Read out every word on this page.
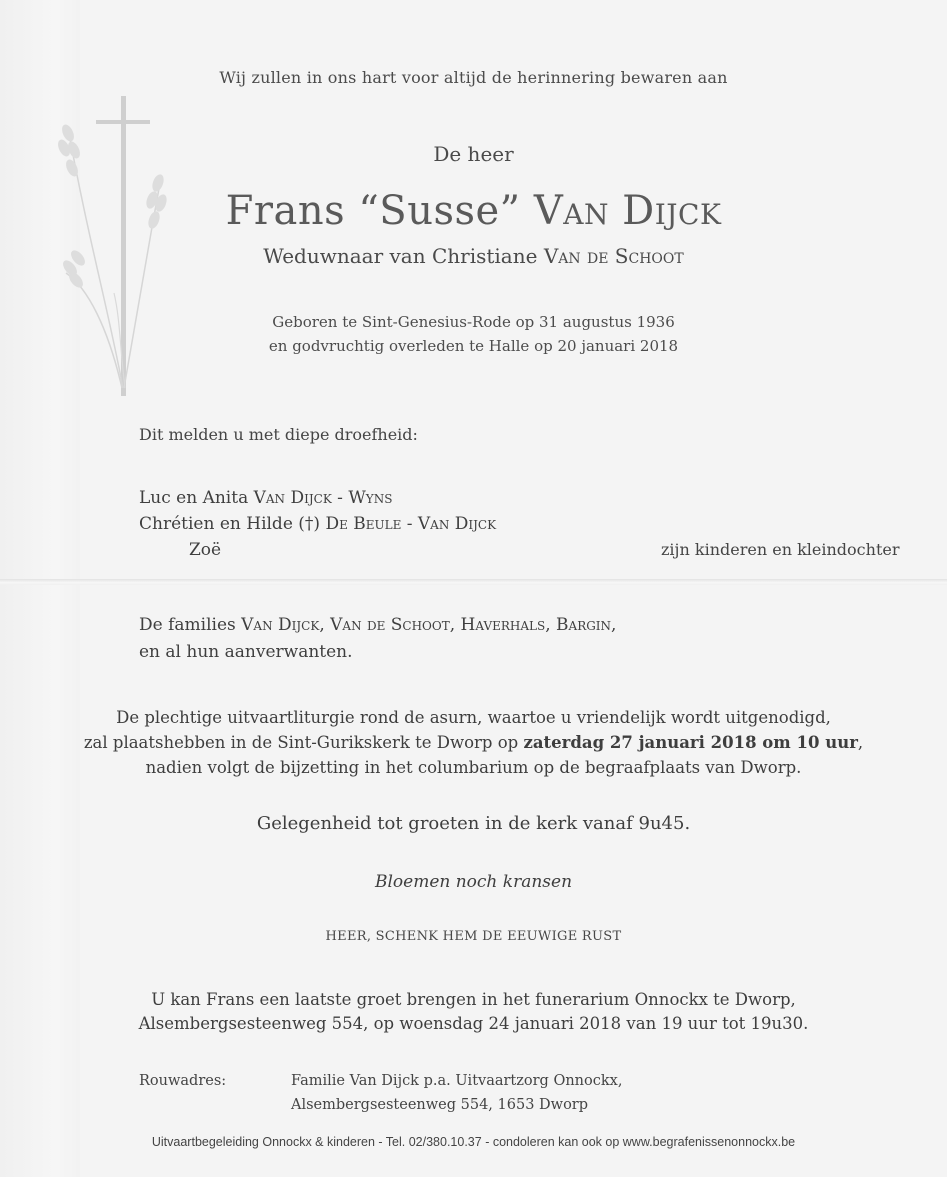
Wij zullen in ons hart voor altijd de herinnering bewaren aan
De heer
Frans “Susse” Van Dijck
Weduwnaar van Christiane Van de Schoot
Geboren te Sint-Genesius-Rode op 31 augustus 1936
en godvruchtig overleden te Halle op 20 januari 2018
Dit melden u met diepe droefheid:
Luc en Anita Van Dijck - Wyns
Chrétien en Hilde (†) De Beule - Van Dijck
Zoë	zijn kinderen en kleindochter
De families Van Dijck, Van de Schoot, Haverhals, Bargin,
en al hun aanverwanten.
De plechtige uitvaartliturgie rond de asurn, waartoe u vriendelijk wordt uitgenodigd,
zal plaatshebben in de Sint-Gurikskerk te Dworp op zaterdag 27 januari 2018 om 10 uur,
nadien volgt de bijzetting in het columbarium op de begraafplaats van Dworp.
Gelegenheid tot groeten in de kerk vanaf 9u45.
Bloemen noch kransen
HEER, SCHENK HEM DE EEUWIGE RUST
U kan Frans een laatste groet brengen in het funerarium Onnockx te Dworp,
Alsembergsesteenweg 554, op woensdag 24 januari 2018 van 19 uur tot 19u30.
Rouwadres:	Familie Van Dijck p.a. Uitvaartzorg Onnockx,
Alsembergsesteenweg 554, 1653 Dworp
Uitvaartbegeleiding Onnockx & kinderen - Tel. 02/380.10.37 - condoleren kan ook op www.begrafenissenonnockx.be
